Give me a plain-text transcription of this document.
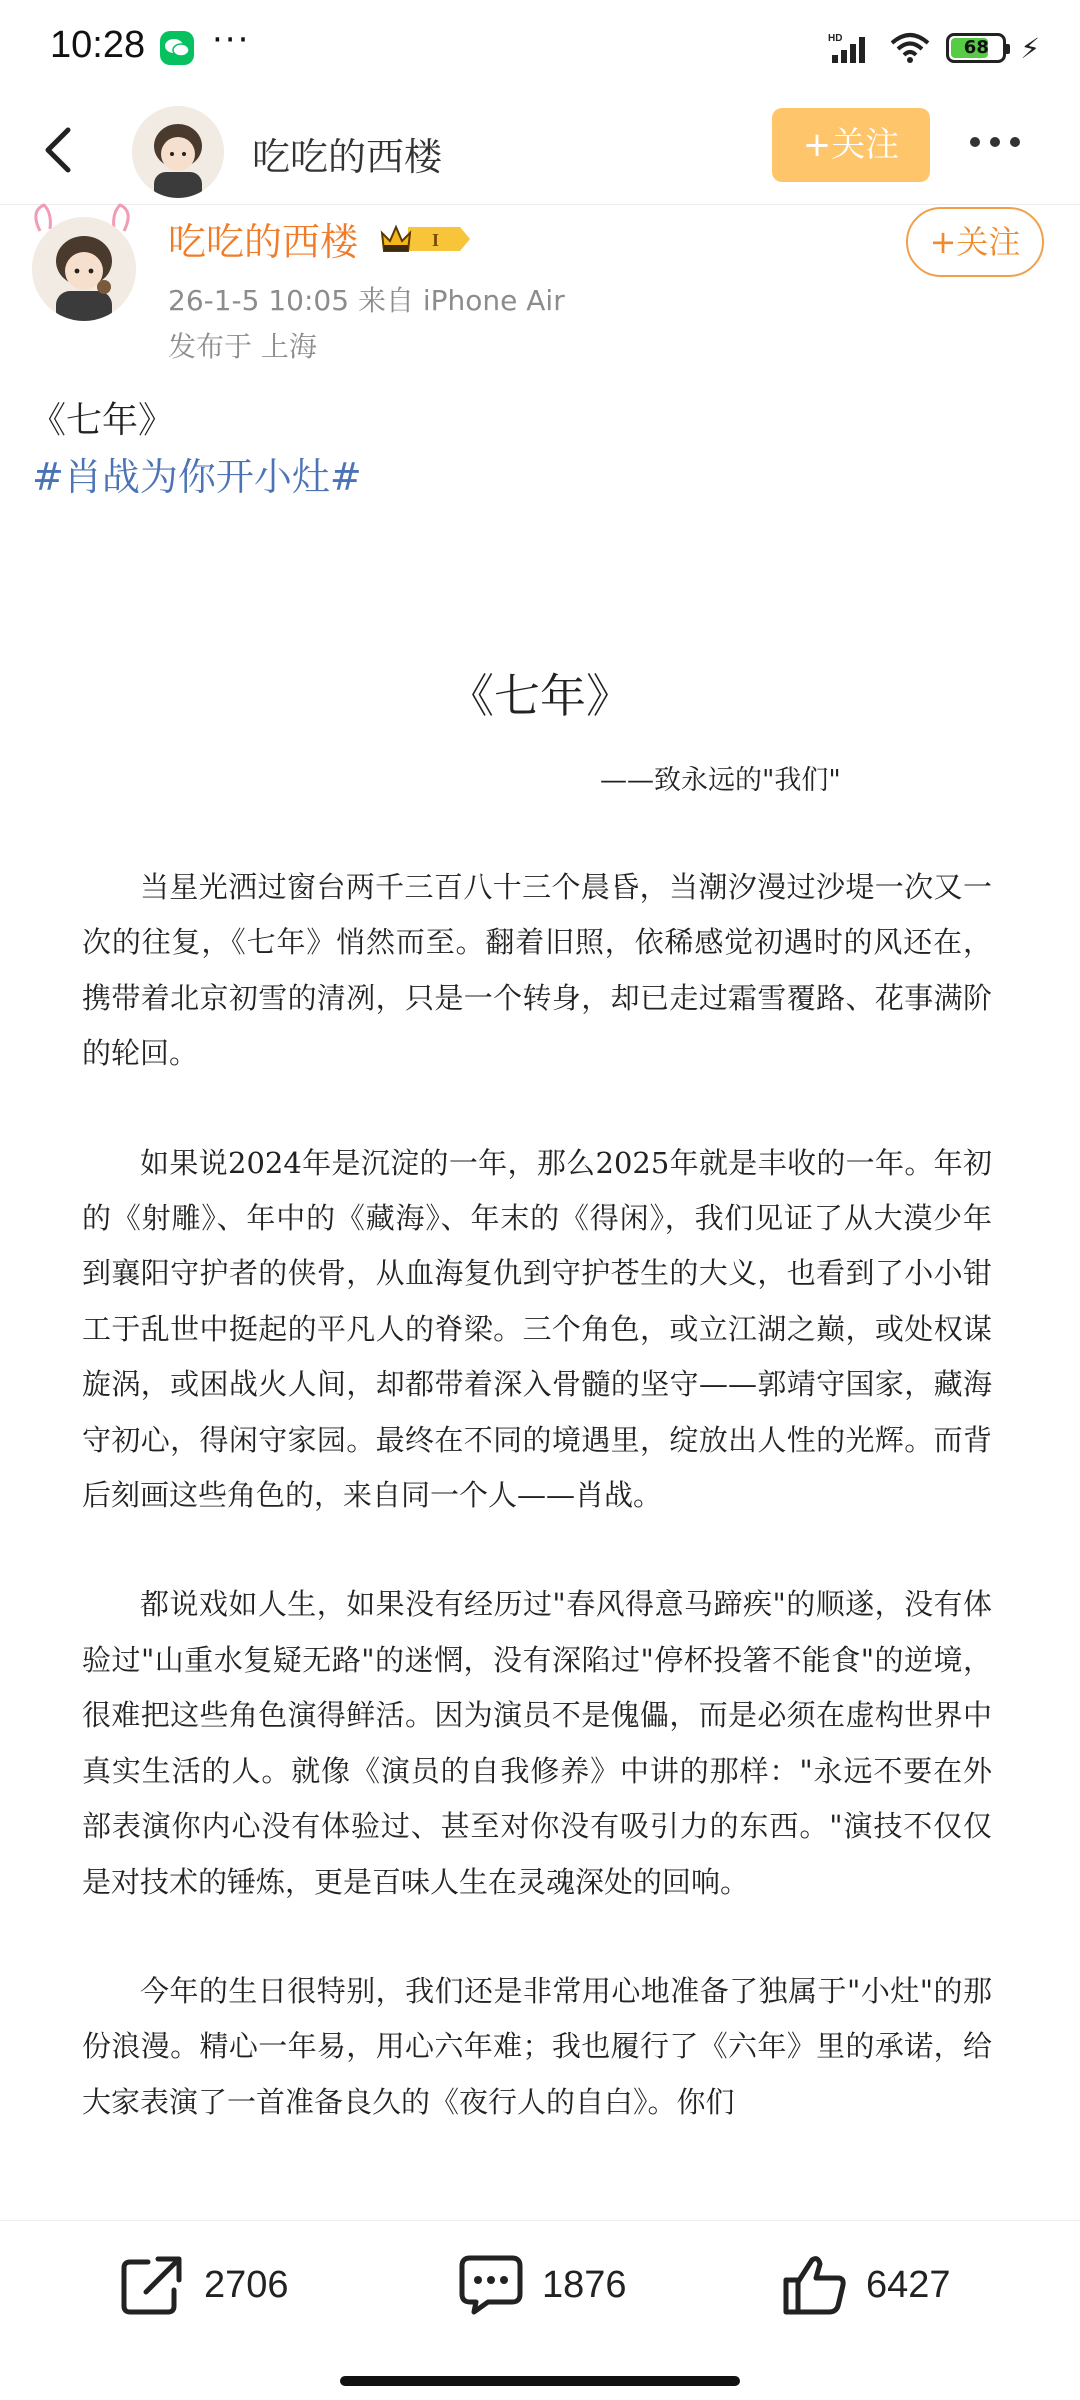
10:28 ···	HD	68	⚡
吃吃的西楼	+关注
吃吃的西楼	I
26-1-5 10:05 来自 iPhone Air
发布于 上海
+关注
《七年》
#肖战为你开小灶#
《七年》
——致永远的"我们"

当星光洒过窗台两千三百八十三个晨昏，当潮汐漫过沙堤一次又一次的往复，《七年》悄然而至。翻着旧照，依稀感觉初遇时的风还在，携带着北京初雪的清冽，只是一个转身，却已走过霜雪覆路、花事满阶的轮回。

如果说2024年是沉淀的一年，那么2025年就是丰收的一年。年初的《射雕》、年中的《藏海》、年末的《得闲》，我们见证了从大漠少年到襄阳守护者的侠骨，从血海复仇到守护苍生的大义，也看到了小小钳工于乱世中挺起的平凡人的脊梁。三个角色，或立江湖之巅，或处权谋旋涡，或困战火人间，却都带着深入骨髓的坚守——郭靖守国家，藏海守初心，得闲守家园。最终在不同的境遇里，绽放出人性的光辉。而背后刻画这些角色的，来自同一个人——肖战。

都说戏如人生，如果没有经历过"春风得意马蹄疾"的顺遂，没有体验过"山重水复疑无路"的迷惘，没有深陷过"停杯投箸不能食"的逆境，很难把这些角色演得鲜活。因为演员不是傀儡，而是必须在虚构世界中真实生活的人。就像《演员的自我修养》中讲的那样："永远不要在外部表演你内心没有体验过、甚至对你没有吸引力的东西。"演技不仅仅是对技术的锤炼，更是百味人生在灵魂深处的回响。

今年的生日很特别，我们还是非常用心地准备了独属于"小灶"的那份浪漫。精心一年易，用心六年难；我也履行了《六年》里的承诺，给大家表演了一首准备良久的《夜行人的自白》。你们

2706	1876	6427
